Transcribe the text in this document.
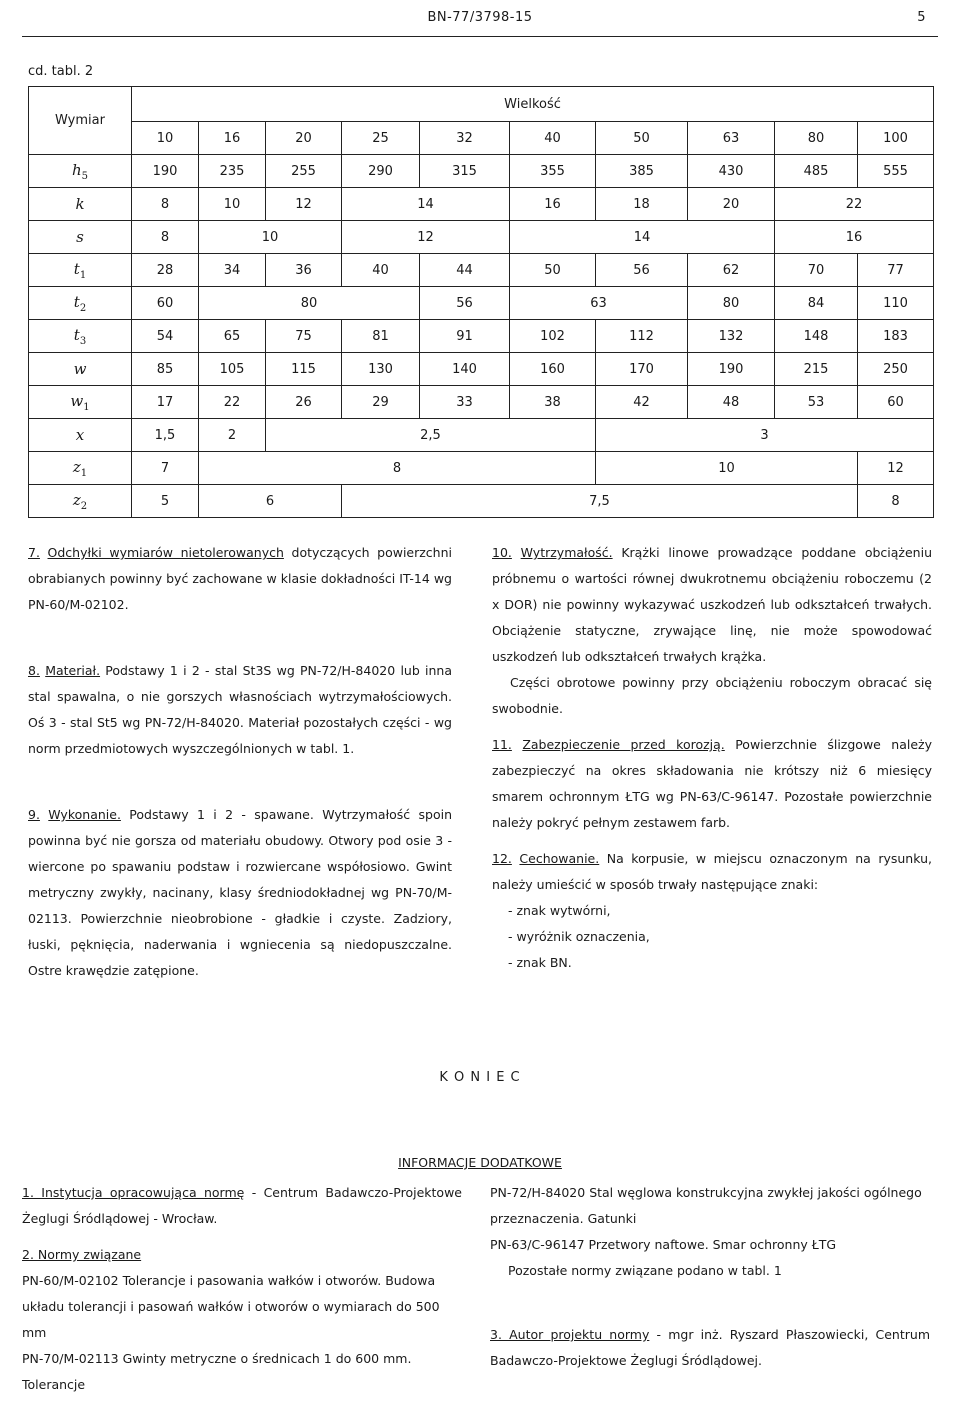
BN-77/3798-15	5
cd. tabl. 2
Wymiar	Wielkość									
	10	16	20	25	32	40	50	63	80	100
$h_5$	190	235	255	290	315	355	385	430	485	555
k	8	10	12	14		16	18	20	22	
s	8	10		12		14			16	
$t_1$	28	34	36	40	44	50	56	62	70	77
$t_2$	60	80			56	63		80	84	110
$t_3$	54	65	75	81	91	102	112	132	148	183
w	85	105	115	130	140	160	170	190	215	250
$w_1$	17	22	26	29	33	38	42	48	53	60
x	1,5	2	2,5				3			
$z_1$	7	8					10			12
$z_2$	5	6		7,5						8

7. Odchyłki wymiarów nietolerowanych dotyczących powierzchni obrabianych powinny być zachowane w klasie dokładności IT-14 wg PN-60/M-02102.

8. Materiał. Podstawy 1 i 2 - stal St3S wg PN-72/H-84020 lub inna stal spawalna, o nie gorszych własnościach wytrzymałościowych. Oś 3 - stal St5 wg PN-72/H-84020. Materiał pozostałych części - wg norm przedmiotowych wyszczególnionych w tabl. 1.

9. Wykonanie. Podstawy 1 i 2 - spawane. Wytrzymałość spoin powinna być nie gorsza od materiału obudowy. Otwory pod osie 3 - wiercone po spawaniu podstaw i rozwiercane współosiowo. Gwint metryczny zwykły, nacinany, klasy średniodokładnej wg PN-70/M-02113. Powierzchnie nieobrobione - gładkie i czyste. Zadziory, łuski, pęknięcia, naderwania i wgniecenia są niedopuszczalne. Ostre krawędzie zatępione.

10. Wytrzymałość. Krążki linowe prowadzące poddane obciążeniu próbnemu o wartości równej dwukrotnemu obciążeniu roboczemu (2 x DOR) nie powinny wykazywać uszkodzeń lub odkształceń trwałych. Obciążenie statyczne, zrywające linę, nie może spowodować uszkodzeń lub odkształceń trwałych krążka.

Części obrotowe powinny przy obciążeniu roboczym obracać się swobodnie.

11. Zabezpieczenie przed korozją. Powierzchnie ślizgowe należy zabezpieczyć na okres składowania nie krótszy niż 6 miesięcy smarem ochronnym ŁTG wg PN-63/C-96147. Pozostałe powierzchnie należy pokryć pełnym zestawem farb.

12. Cechowanie. Na korpusie, w miejscu oznaczonym na rysunku, należy umieścić w sposób trwały następujące znaki:

- znak wytwórni,

- wyróżnik oznaczenia,

- znak BN.

K O N I E C
INFORMACJE DODATKOWE

1. Instytucja opracowująca normę - Centrum Badawczo-Projektowe Żeglugi Śródlądowej - Wrocław.

2. Normy związane

PN-60/M-02102 Tolerancje i pasowania wałków i otworów. Budowa układu tolerancji i pasowań wałków i otworów o wymiarach do 500 mm

PN-70/M-02113 Gwinty metryczne o średnicach 1 do 600 mm. Tolerancje

PN-72/H-84020 Stal węglowa konstrukcyjna zwykłej jakości ogólnego przeznaczenia. Gatunki

PN-63/C-96147 Przetwory naftowe. Smar ochronny ŁTG

Pozostałe normy związane podano w tabl. 1

3. Autor projektu normy - mgr inż. Ryszard Płaszowiecki, Centrum Badawczo-Projektowe Żeglugi Śródlądowej.
